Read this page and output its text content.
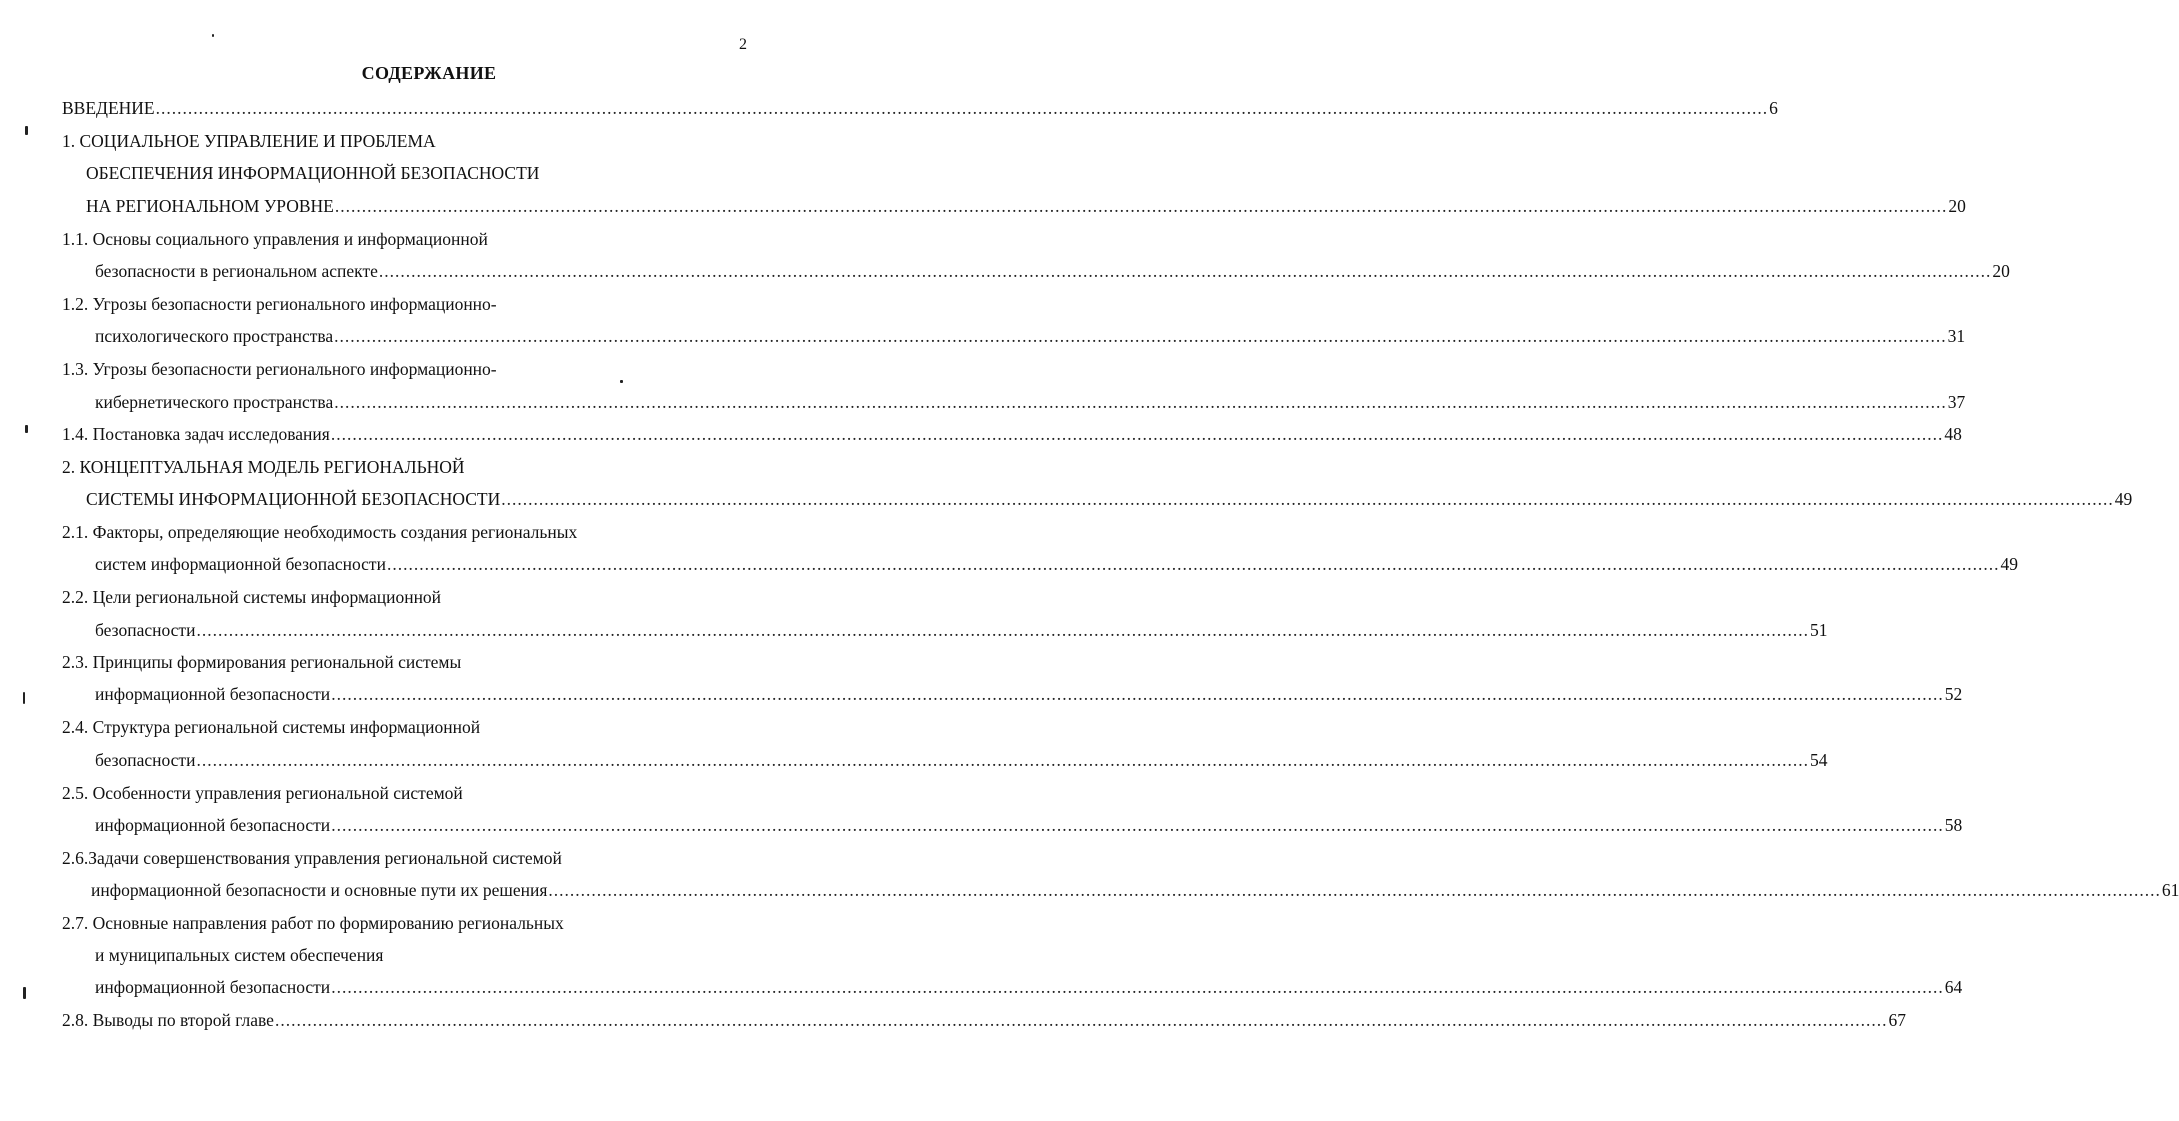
2
СОДЕРЖАНИЕ
ВВЕДЕНИЕ ............................................................................................................................................................................................................................................................................................................ 6
1. СОЦИАЛЬНОЕ УПРАВЛЕНИЕ И ПРОБЛЕМА
ОБЕСПЕЧЕНИЯ ИНФОРМАЦИОННОЙ БЕЗОПАСНОСТИ
НА РЕГИОНАЛЬНОМ УРОВНЕ ............................................................................................................................................................................................................................................................................................................ 20
1.1. Основы социального управления и информационной
безопасности в региональном аспекте ............................................................................................................................................................................................................................................................................................................ 20
1.2. Угрозы безопасности регионального информационно-
психологического пространства ............................................................................................................................................................................................................................................................................................................ 31
1.3. Угрозы безопасности регионального информационно-
кибернетического пространства ............................................................................................................................................................................................................................................................................................................ 37
1.4. Постановка задач исследования ............................................................................................................................................................................................................................................................................................................ 48
2. КОНЦЕПТУАЛЬНАЯ МОДЕЛЬ РЕГИОНАЛЬНОЙ
СИСТЕМЫ ИНФОРМАЦИОННОЙ БЕЗОПАСНОСТИ ............................................................................................................................................................................................................................................................................................................ 49
2.1. Факторы, определяющие необходимость создания региональных
систем информационной безопасности ............................................................................................................................................................................................................................................................................................................ 49
2.2. Цели региональной системы информационной
безопасности ............................................................................................................................................................................................................................................................................................................ 51
2.3. Принципы формирования региональной системы
информационной безопасности ............................................................................................................................................................................................................................................................................................................ 52
2.4. Структура региональной системы информационной
безопасности ............................................................................................................................................................................................................................................................................................................ 54
2.5. Особенности управления региональной системой
информационной безопасности ............................................................................................................................................................................................................................................................................................................ 58
2.6.Задачи совершенствования управления региональной системой
информационной безопасности и основные пути их решения ............................................................................................................................................................................................................................................................................................................ 61
2.7. Основные направления работ по формированию региональных
и муниципальных систем обеспечения
информационной безопасности ............................................................................................................................................................................................................................................................................................................ 64
2.8. Выводы по второй главе ............................................................................................................................................................................................................................................................................................................ 67
